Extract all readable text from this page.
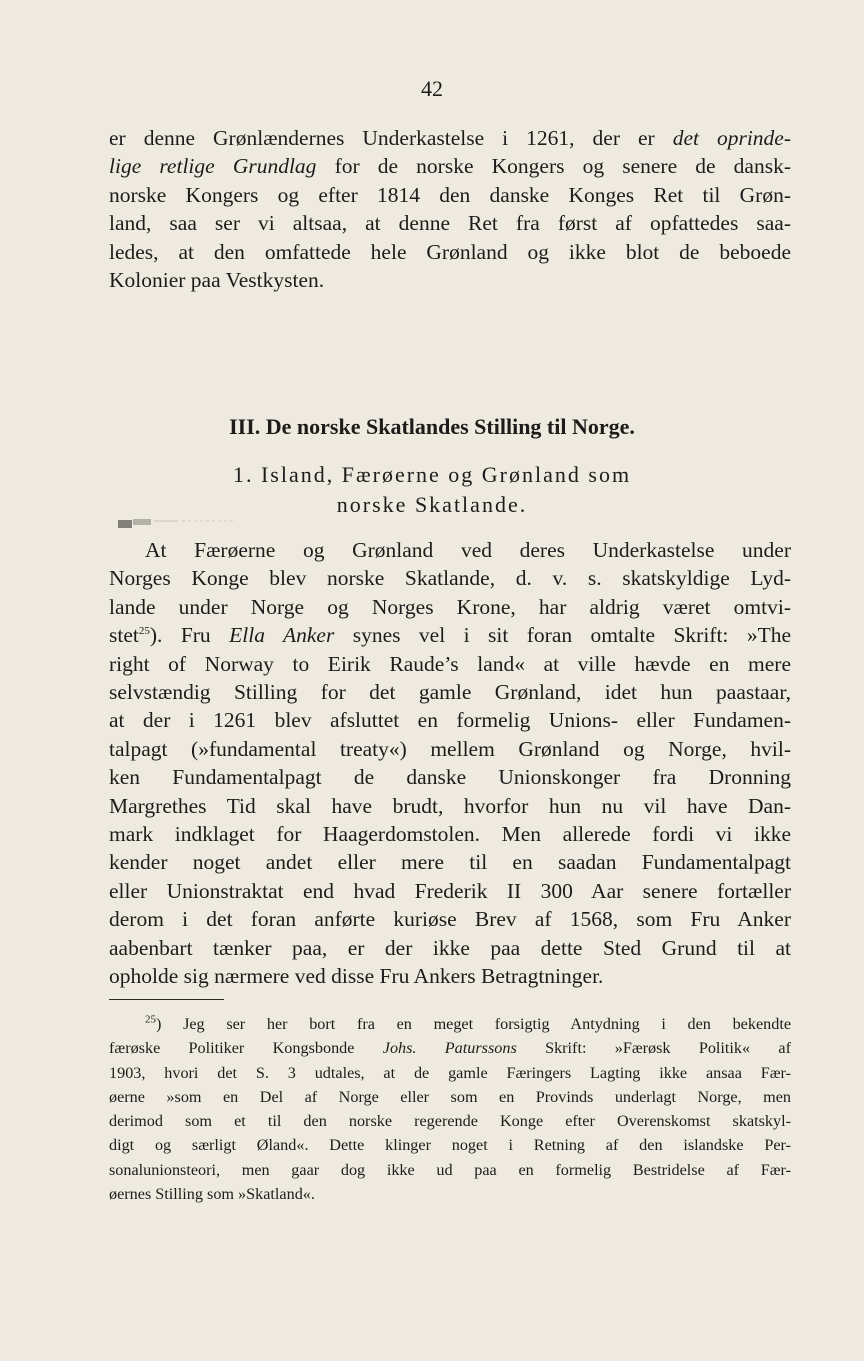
42
er denne Grønlændernes Underkastelse i 1261, der er det oprinde-
lige retlige Grundlag for de norske Kongers og senere de dansk-
norske Kongers og efter 1814 den danske Konges Ret til Grøn-
land, saa ser vi altsaa, at denne Ret fra først af opfattedes saa-
ledes, at den omfattede hele Grønland og ikke blot de beboede
Kolonier paa Vestkysten.
III. De norske Skatlandes Stilling til Norge.
1. Island, Færøerne og Grønland som
norske Skatlande.
At Færøerne og Grønland ved deres Underkastelse under
Norges Konge blev norske Skatlande, d. v. s. skatskyldige Lyd-
lande under Norge og Norges Krone, har aldrig været omtvi-
stet$^{25}$). Fru Ella Anker synes vel i sit foran omtalte Skrift: »The
right of Norway to Eirik Raude’s land« at ville hævde en mere
selvstændig Stilling for det gamle Grønland, idet hun paastaar,
at der i 1261 blev afsluttet en formelig Unions- eller Fundamen-
talpagt (»fundamental treaty«) mellem Grønland og Norge, hvil-
ken Fundamentalpagt de danske Unionskonger fra Dronning
Margrethes Tid skal have brudt, hvorfor hun nu vil have Dan-
mark indklaget for Haagerdomstolen. Men allerede fordi vi ikke
kender noget andet eller mere til en saadan Fundamentalpagt
eller Unionstraktat end hvad Frederik II 300 Aar senere fortæller
derom i det foran anførte kuriøse Brev af 1568, som Fru Anker
aabenbart tænker paa, er der ikke paa dette Sted Grund til at
opholde sig nærmere ved disse Fru Ankers Betragtninger.
$^{25}$) Jeg ser her bort fra en meget forsigtig Antydning i den bekendte
færøske Politiker Kongsbonde Johs. Paturssons Skrift: »Færøsk Politik« af
1903, hvori det S. 3 udtales, at de gamle Færingers Lagting ikke ansaa Fær-
øerne »som en Del af Norge eller som en Provinds underlagt Norge, men
derimod som et til den norske regerende Konge efter Overenskomst skatskyl-
digt og særligt Øland«. Dette klinger noget i Retning af den islandske Per-
sonalunionsteori, men gaar dog ikke ud paa en formelig Bestridelse af Fær-
øernes Stilling som »Skatland«.
